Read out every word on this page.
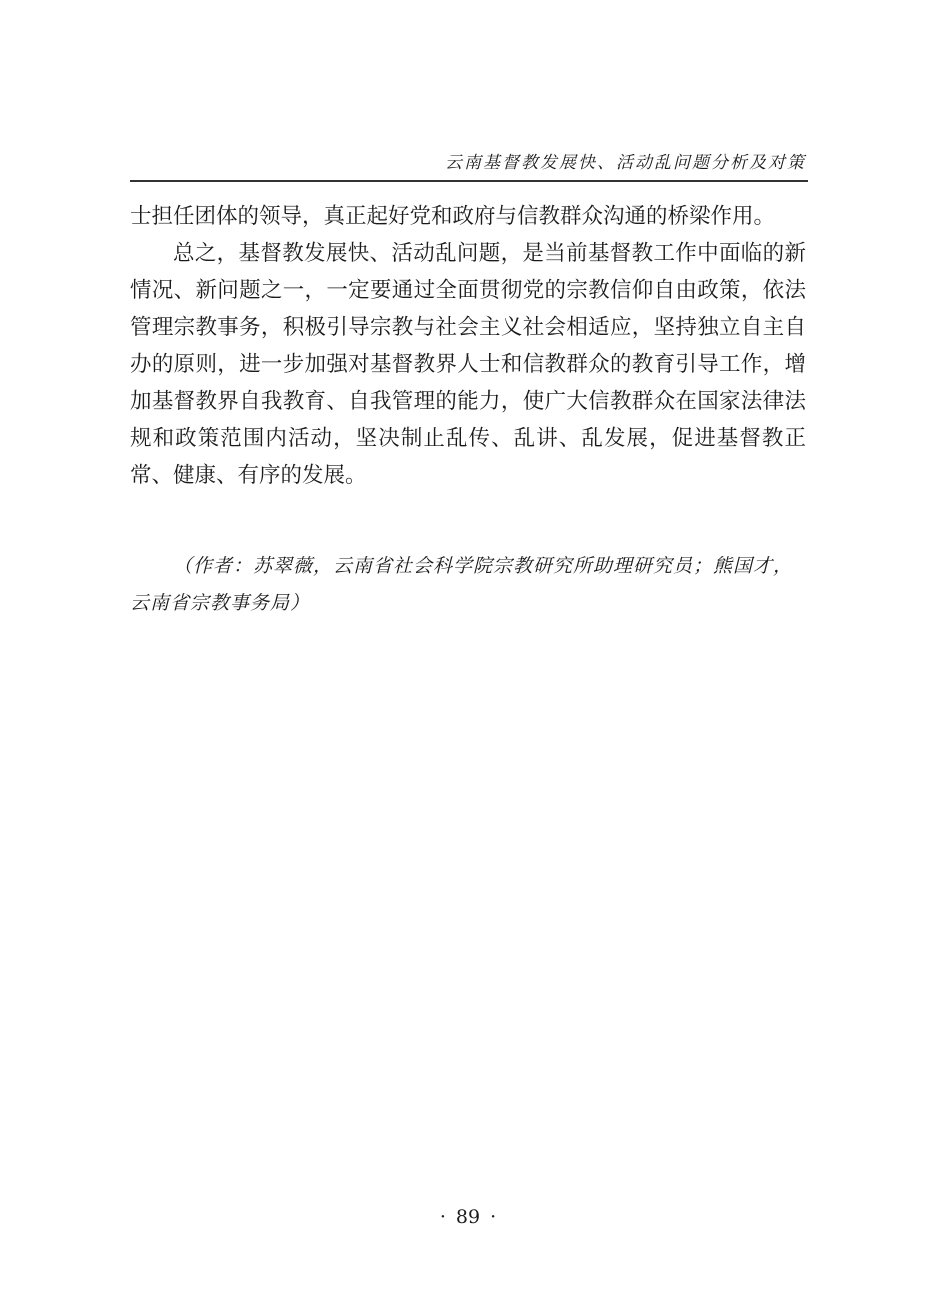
云南基督教发展快、活动乱问题分析及对策

士担任团体的领导，真正起好党和政府与信教群众沟通的桥梁作用。

总之，基督教发展快、活动乱问题，是当前基督教工作中面临的新情况、新问题之一，一定要通过全面贯彻党的宗教信仰自由政策，依法管理宗教事务，积极引导宗教与社会主义社会相适应，坚持独立自主自办的原则，进一步加强对基督教界人士和信教群众的教育引导工作，增加基督教界自我教育、自我管理的能力，使广大信教群众在国家法律法规和政策范围内活动，坚决制止乱传、乱讲、乱发展，促进基督教正常、健康、有序的发展。

（作者：苏翠薇，云南省社会科学院宗教研究所助理研究员；熊国才，云南省宗教事务局）
· 89 ·
